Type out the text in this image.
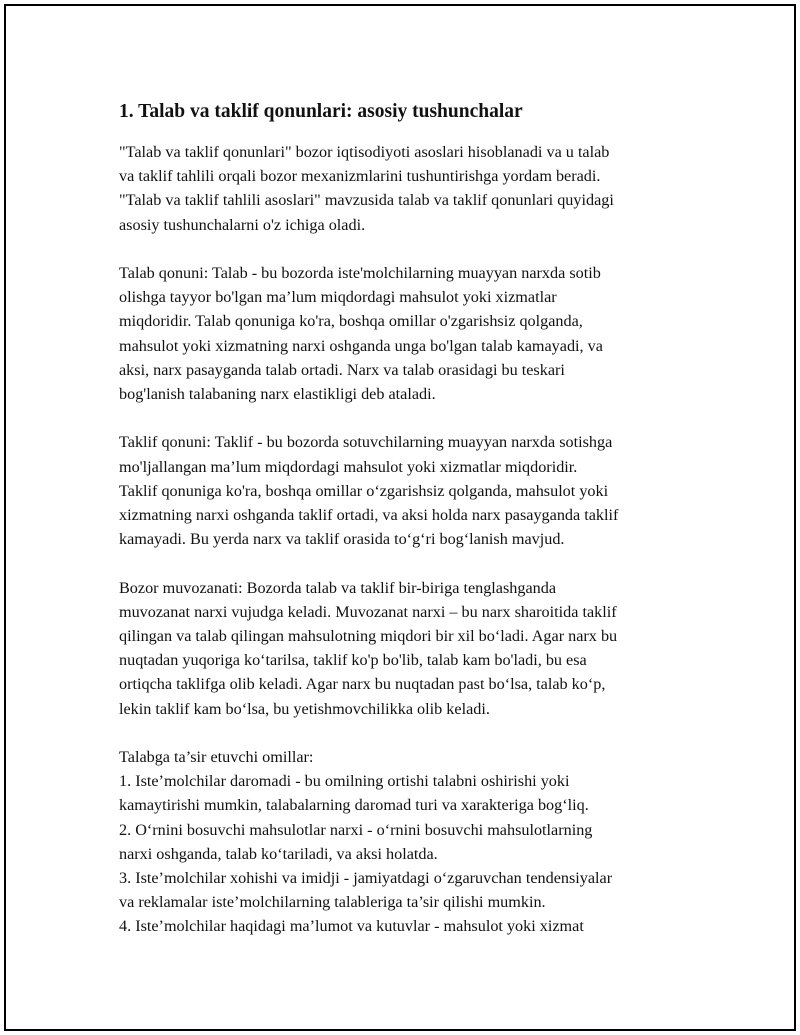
1. Talab va taklif qonunlari: asosiy tushunchalar

"Talab va taklif qonunlari" bozor iqtisodiyoti asoslari hisoblanadi va u talab
va taklif tahlili orqali bozor mexanizmlarini tushuntirishga yordam beradi.
"Talab va taklif tahlili asoslari" mavzusida talab va taklif qonunlari quyidagi
asosiy tushunchalarni o'z ichiga oladi.

Talab qonuni: Talab - bu bozorda iste'molchilarning muayyan narxda sotib
olishga tayyor bo'lgan ma’lum miqdordagi mahsulot yoki xizmatlar
miqdoridir. Talab qonuniga ko'ra, boshqa omillar o'zgarishsiz qolganda,
mahsulot yoki xizmatning narxi oshganda unga bo'lgan talab kamayadi, va
aksi, narx pasayganda talab ortadi. Narx va talab orasidagi bu teskari
bog'lanish talabaning narx elastikligi deb ataladi.

Taklif qonuni: Taklif - bu bozorda sotuvchilarning muayyan narxda sotishga
mo'ljallangan ma’lum miqdordagi mahsulot yoki xizmatlar miqdoridir.
Taklif qonuniga ko'ra, boshqa omillar o‘zgarishsiz qolganda, mahsulot yoki
xizmatning narxi oshganda taklif ortadi, va aksi holda narx pasayganda taklif
kamayadi. Bu yerda narx va taklif orasida to‘g‘ri bog‘lanish mavjud.

Bozor muvozanati: Bozorda talab va taklif bir-biriga tenglashganda
muvozanat narxi vujudga keladi. Muvozanat narxi – bu narx sharoitida taklif
qilingan va talab qilingan mahsulotning miqdori bir xil bo‘ladi. Agar narx bu
nuqtadan yuqoriga ko‘tarilsa, taklif ko'p bo'lib, talab kam bo'ladi, bu esa
ortiqcha taklifga olib keladi. Agar narx bu nuqtadan past bo‘lsa, talab ko‘p,
lekin taklif kam bo‘lsa, bu yetishmovchilikka olib keladi.

Talabga ta’sir etuvchi omillar:
1. Iste’molchilar daromadi - bu omilning ortishi talabni oshirishi yoki
kamaytirishi mumkin, talabalarning daromad turi va xarakteriga bog‘liq.
2. O‘rnini bosuvchi mahsulotlar narxi - o‘rnini bosuvchi mahsulotlarning
narxi oshganda, talab ko‘tariladi, va aksi holatda.
3. Iste’molchilar xohishi va imidji - jamiyatdagi o‘zgaruvchan tendensiyalar
va reklamalar iste’molchilarning talableriga ta’sir qilishi mumkin.
4. Iste’molchilar haqidagi ma’lumot va kutuvlar - mahsulot yoki xizmat
